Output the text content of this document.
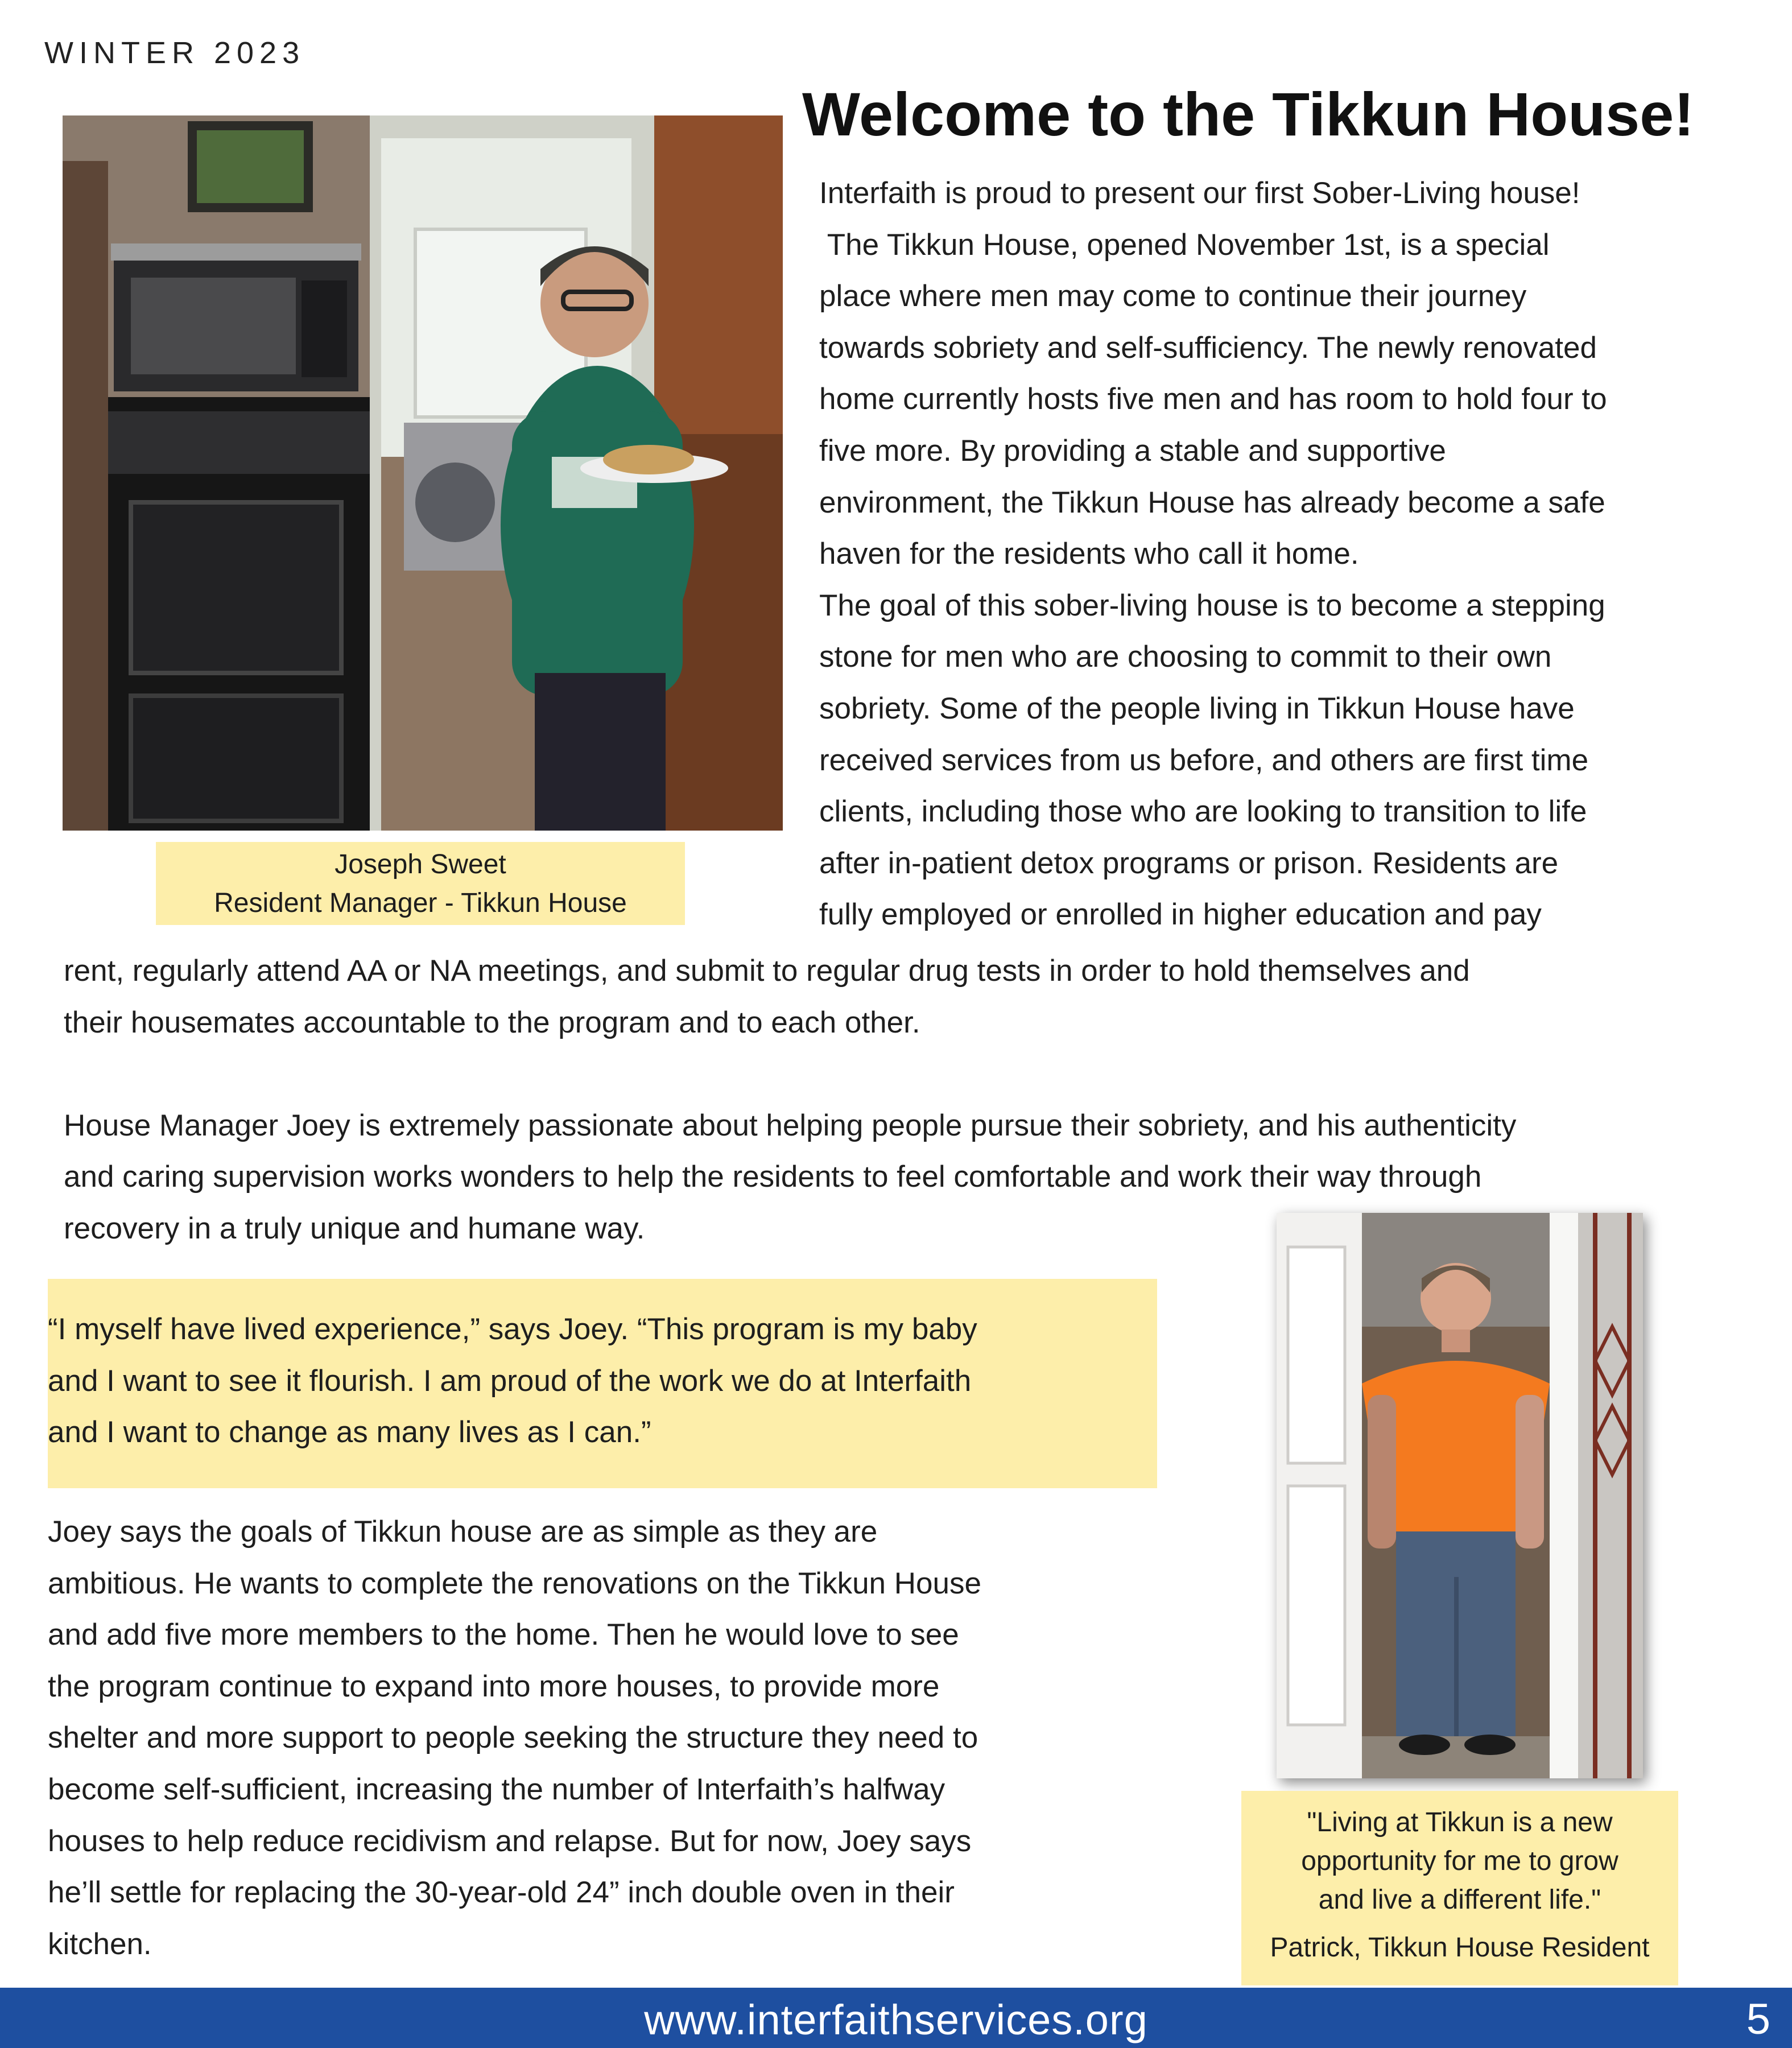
WINTER 2023
Welcome to the Tikkun House!
Joseph Sweet
Resident Manager - Tikkun House

Interfaith is proud to present our first Sober-Living house!

The Tikkun House, opened November 1st, is a special

place where men may come to continue their journey

towards sobriety and self-sufficiency. The newly renovated

home currently hosts five men and has room to hold four to

five more. By providing a stable and supportive

environment, the Tikkun House has already become a safe

haven for the residents who call it home.

The goal of this sober-living house is to become a stepping

stone for men who are choosing to commit to their own

sobriety. Some of the people living in Tikkun House have

received services from us before, and others are first time

clients, including those who are looking to transition to life

after in-patient detox programs or prison. Residents are

fully employed or enrolled in higher education and pay

rent, regularly attend AA or NA meetings, and submit to regular drug tests in order to hold themselves and

their housemates accountable to the program and to each other.

House Manager Joey is extremely passionate about helping people pursue their sobriety, and his authenticity

and caring supervision works wonders to help the residents to feel comfortable and work their way through

recovery in a truly unique and humane way.

“I myself have lived experience,” says Joey. “This program is my baby

and I want to see it flourish. I am proud of the work we do at Interfaith

and I want to change as many lives as I can.”

Joey says the goals of Tikkun house are as simple as they are

ambitious. He wants to complete the renovations on the Tikkun House

and add five more members to the home. Then he would love to see

the program continue to expand into more houses, to provide more

shelter and more support to people seeking the structure they need to

become self-sufficient, increasing the number of Interfaith’s halfway

houses to help reduce recidivism and relapse. But for now, Joey says

he’ll settle for replacing the 30-year-old 24” inch double oven in their

kitchen.

"Living at Tikkun is a new
opportunity for me to grow
and live a different life."
Patrick, Tikkun House Resident
www.interfaithservices.org	5
